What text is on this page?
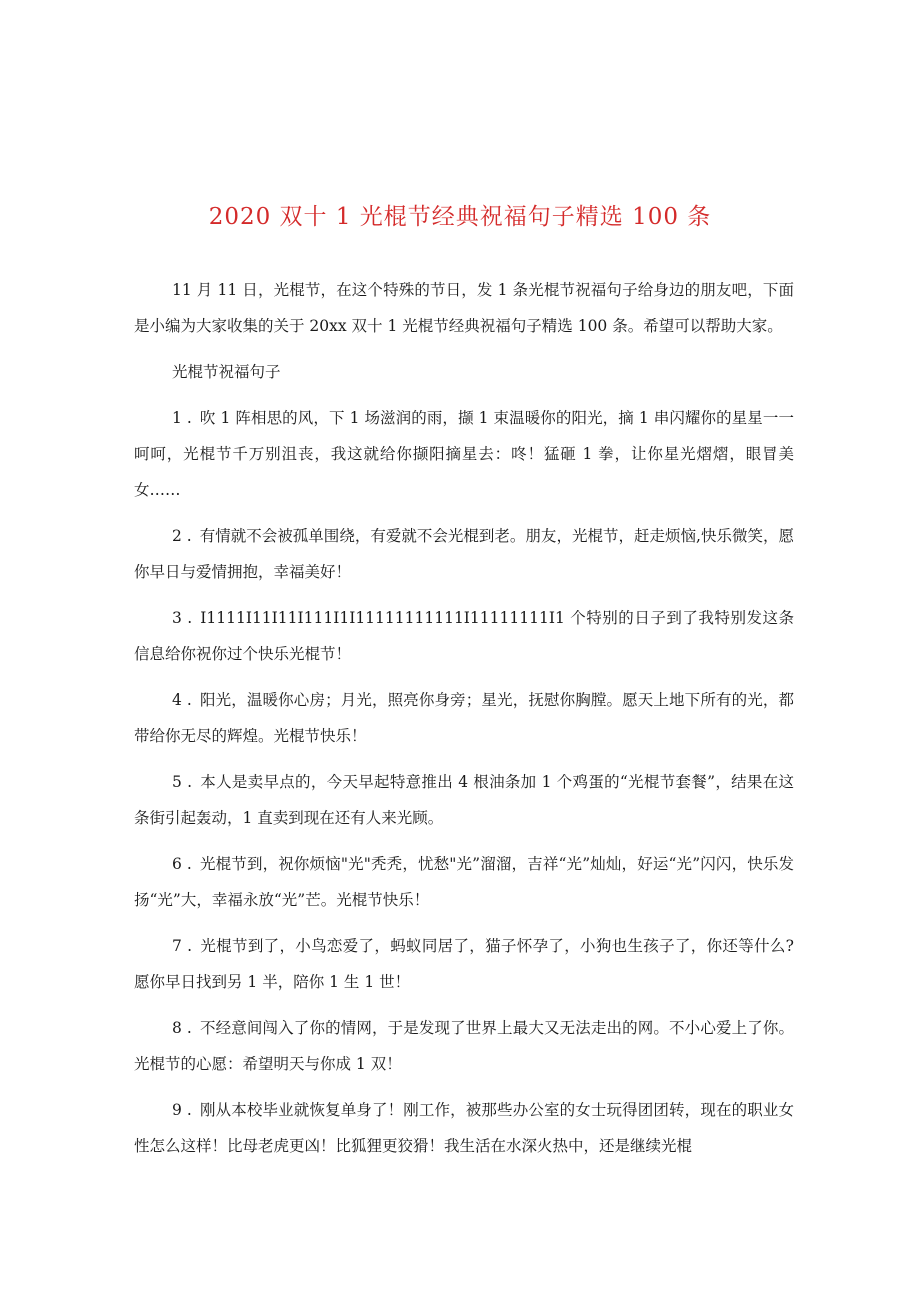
2020 双十 1 光棍节经典祝福句子精选 100 条

11 月 11 日，光棍节，在这个特殊的节日，发 1 条光棍节祝福句子给身边的朋友吧，下面是小编为大家收集的关于 20xx 双十 1 光棍节经典祝福句子精选 100 条。希望可以帮助大家。

光棍节祝福句子

1 . 吹 1 阵相思的风，下 1 场滋润的雨，撷 1 束温暖你的阳光，摘 1 串闪耀你的星星一一呵呵，光棍节千万别沮丧，我这就给你撷阳摘星去：咚！猛砸 1 拳，让你星光熠熠，眼冒美女……

2 . 有情就不会被孤单围绕，有爱就不会光棍到老。朋友，光棍节，赶走烦恼,快乐微笑，愿你早日与爱情拥抱，幸福美好！

3 . I1111I11I11I111I1I11111111111I11111111I1 个特别的日子到了我特别发这条信息给你祝你过个快乐光棍节！

4 . 阳光，温暖你心房；月光，照亮你身旁；星光，抚慰你胸膛。愿天上地下所有的光，都带给你无尽的辉煌。光棍节快乐！

5 . 本人是卖早点的，今天早起特意推出 4 根油条加 1 个鸡蛋的“光棍节套餐”，结果在这条街引起轰动，1 直卖到现在还有人来光顾。

6 . 光棍节到，祝你烦恼"光"秃秃，忧愁"光”溜溜，吉祥“光”灿灿，好运“光”闪闪，快乐发扬“光”大，幸福永放“光”芒。光棍节快乐！

7 . 光棍节到了，小鸟恋爱了，蚂蚁同居了，猫子怀孕了，小狗也生孩子了，你还等什么?愿你早日找到另 1 半，陪你 1 生 1 世！

8 . 不经意间闯入了你的情网，于是发现了世界上最大又无法走出的网。不小心爱上了你。光棍节的心愿：希望明天与你成 1 双！

9 . 刚从本校毕业就恢复单身了！刚工作，被那些办公室的女士玩得团团转，现在的职业女性怎么这样！比母老虎更凶！比狐狸更狡猾！我生活在水深火热中，还是继续光棍
